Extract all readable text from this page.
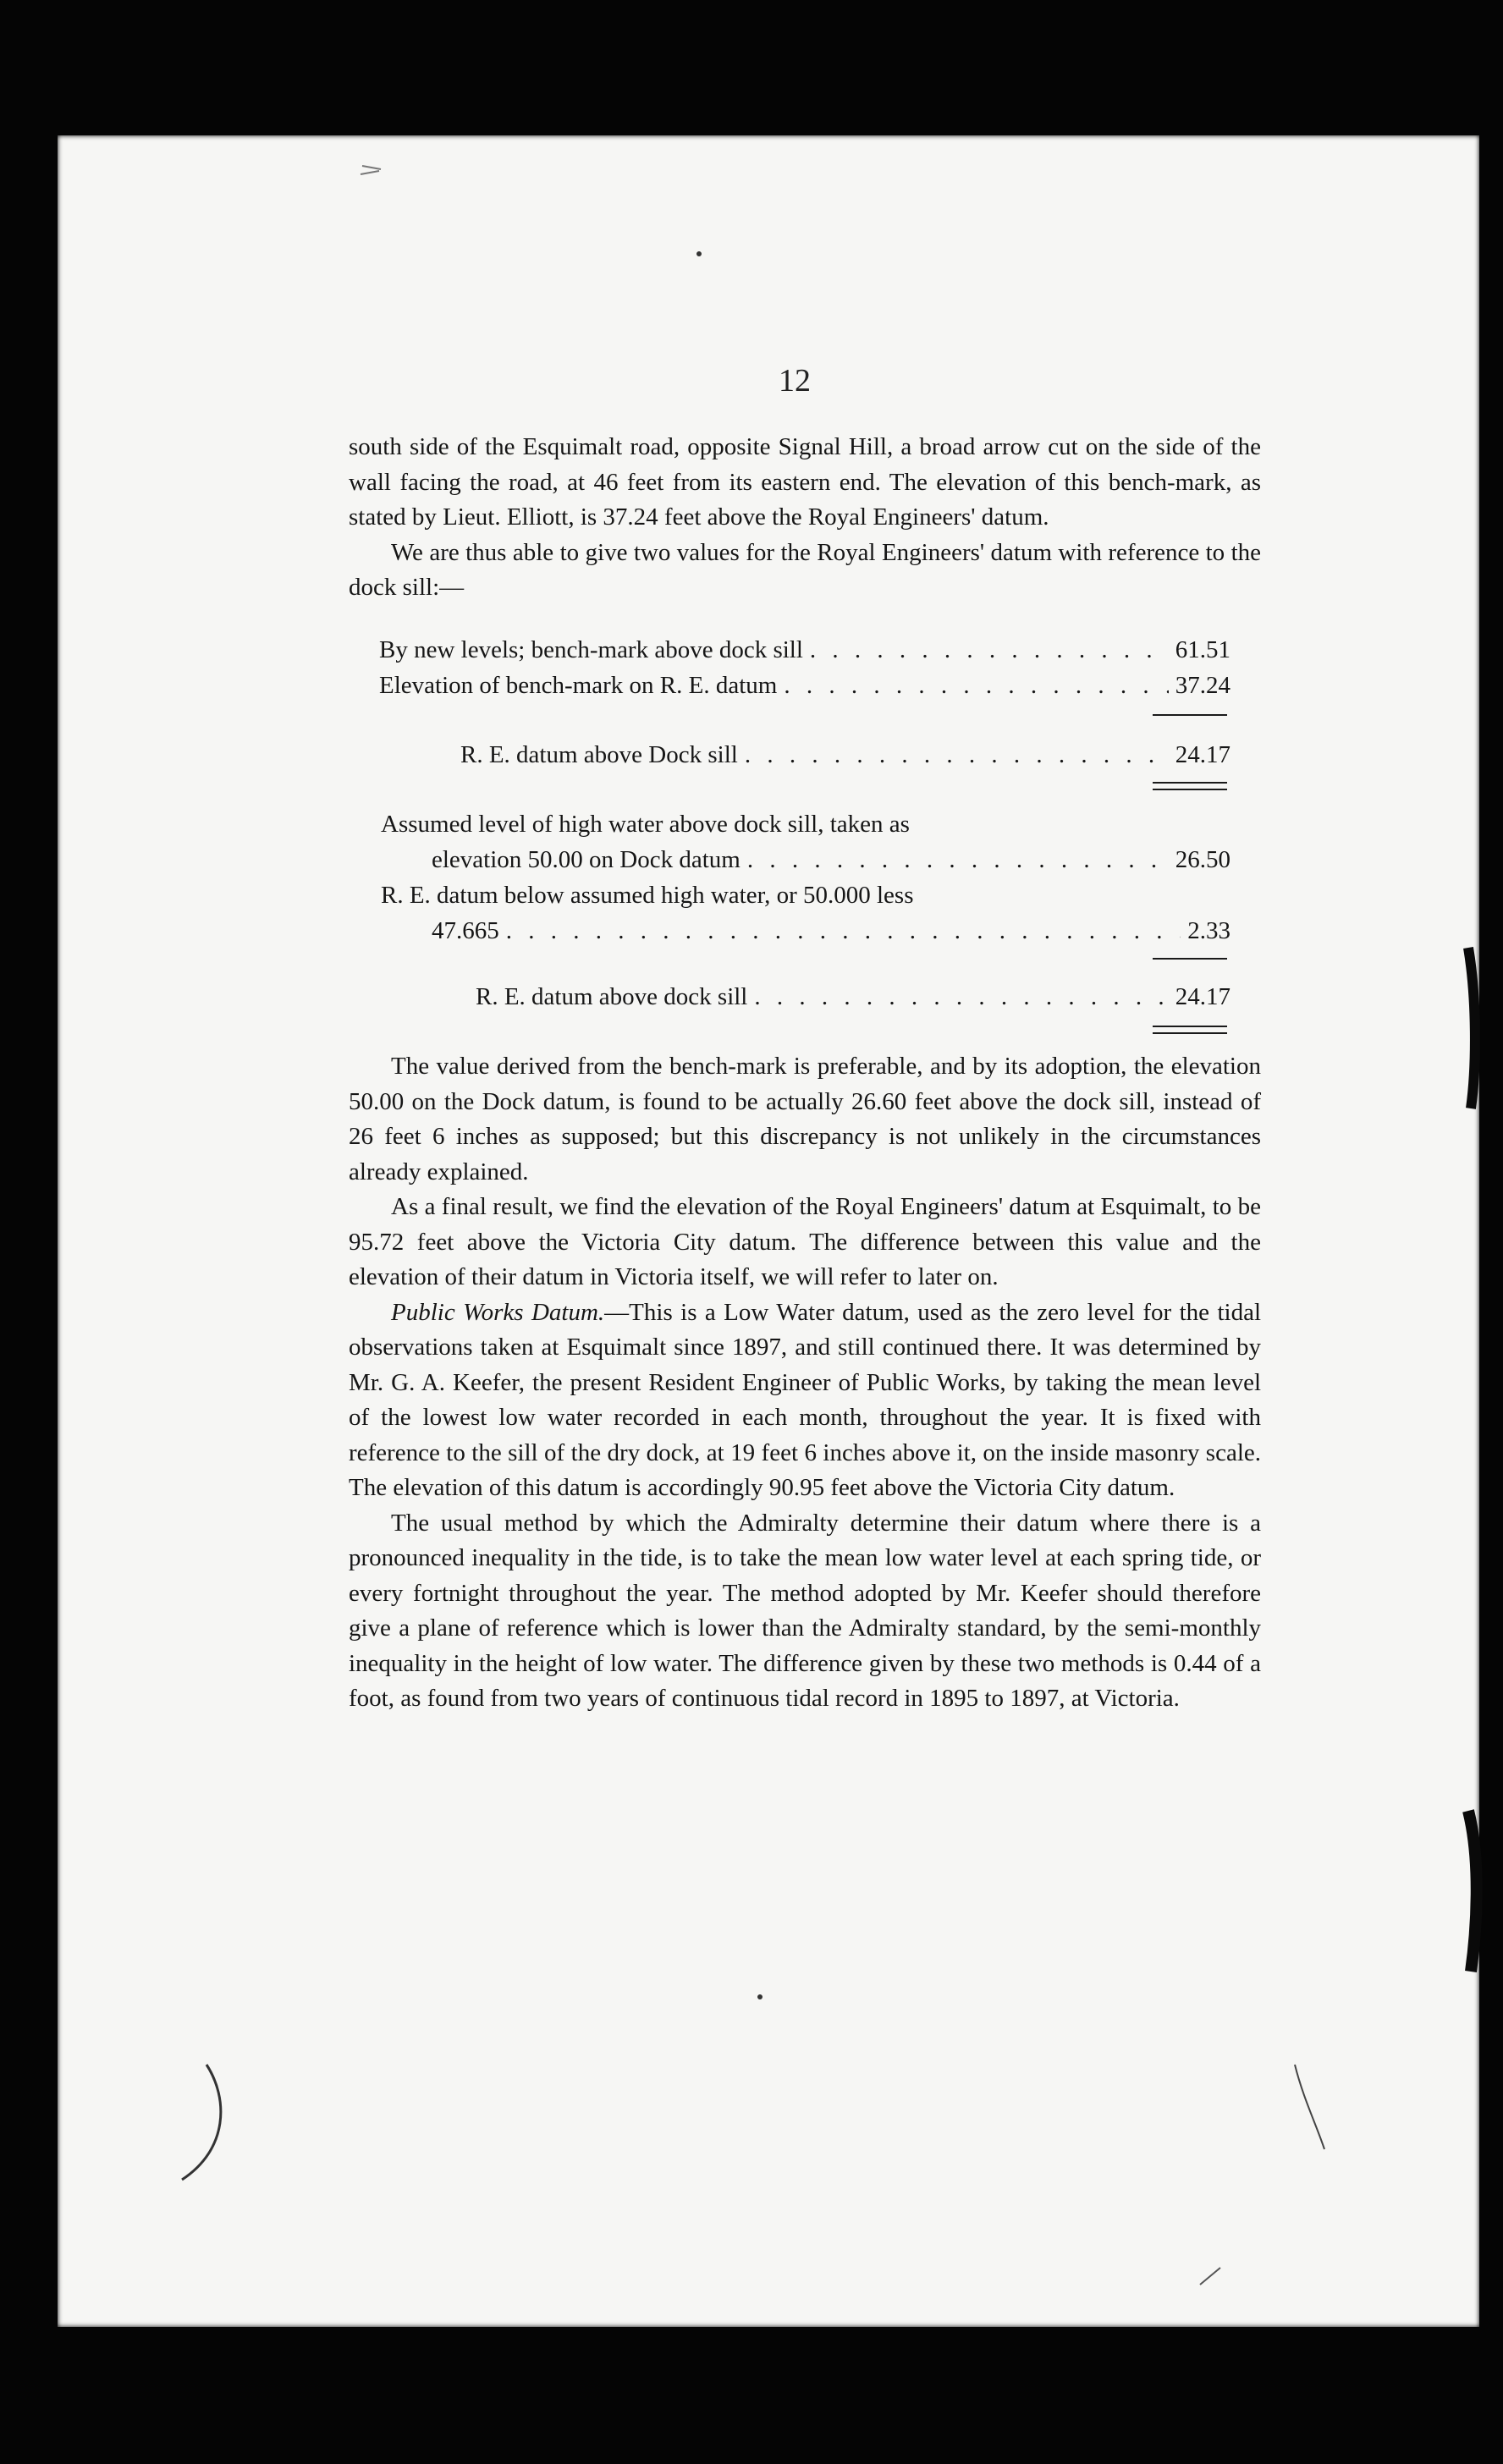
12

south side of the Esquimalt road, opposite Signal Hill, a broad arrow cut on the side of the wall facing the road, at 46 feet from its eastern end. The elevation of this bench-mark, as stated by Lieut. Elliott, is 37.24 feet above the Royal Engineers' datum.

We are thus able to give two values for the Royal Engineers' datum with reference to the dock sill:—

By new levels; bench-mark above dock sill . . .	61.51
Elevation of bench-mark on R. E. datum . . .	37.24
R. E. datum above Dock sill . . .	24.17
Assumed level of high water above dock sill, taken as
elevation 50.00 on Dock datum . . .	26.50
R. E. datum below assumed high water, or 50.000 less
47.665 . . .	2.33
R. E. datum above dock sill . . .	24.17

The value derived from the bench-mark is preferable, and by its adoption, the elevation 50.00 on the Dock datum, is found to be actually 26.60 feet above the dock sill, instead of 26 feet 6 inches as supposed; but this discrepancy is not unlikely in the circumstances already explained.

As a final result, we find the elevation of the Royal Engineers' datum at Esquimalt, to be 95.72 feet above the Victoria City datum. The difference between this value and the elevation of their datum in Victoria itself, we will refer to later on.

Public Works Datum.—This is a Low Water datum, used as the zero level for the tidal observations taken at Esquimalt since 1897, and still continued there. It was determined by Mr. G. A. Keefer, the present Resident Engineer of Public Works, by taking the mean level of the lowest low water recorded in each month, throughout the year. It is fixed with reference to the sill of the dry dock, at 19 feet 6 inches above it, on the inside masonry scale. The elevation of this datum is accordingly 90.95 feet above the Victoria City datum.

The usual method by which the Admiralty determine their datum where there is a pronounced inequality in the tide, is to take the mean low water level at each spring tide, or every fortnight throughout the year. The method adopted by Mr. Keefer should therefore give a plane of reference which is lower than the Admiralty standard, by the semi-monthly inequality in the height of low water. The difference given by these two methods is 0.44 of a foot, as found from two years of continuous tidal record in 1895 to 1897, at Victoria.
